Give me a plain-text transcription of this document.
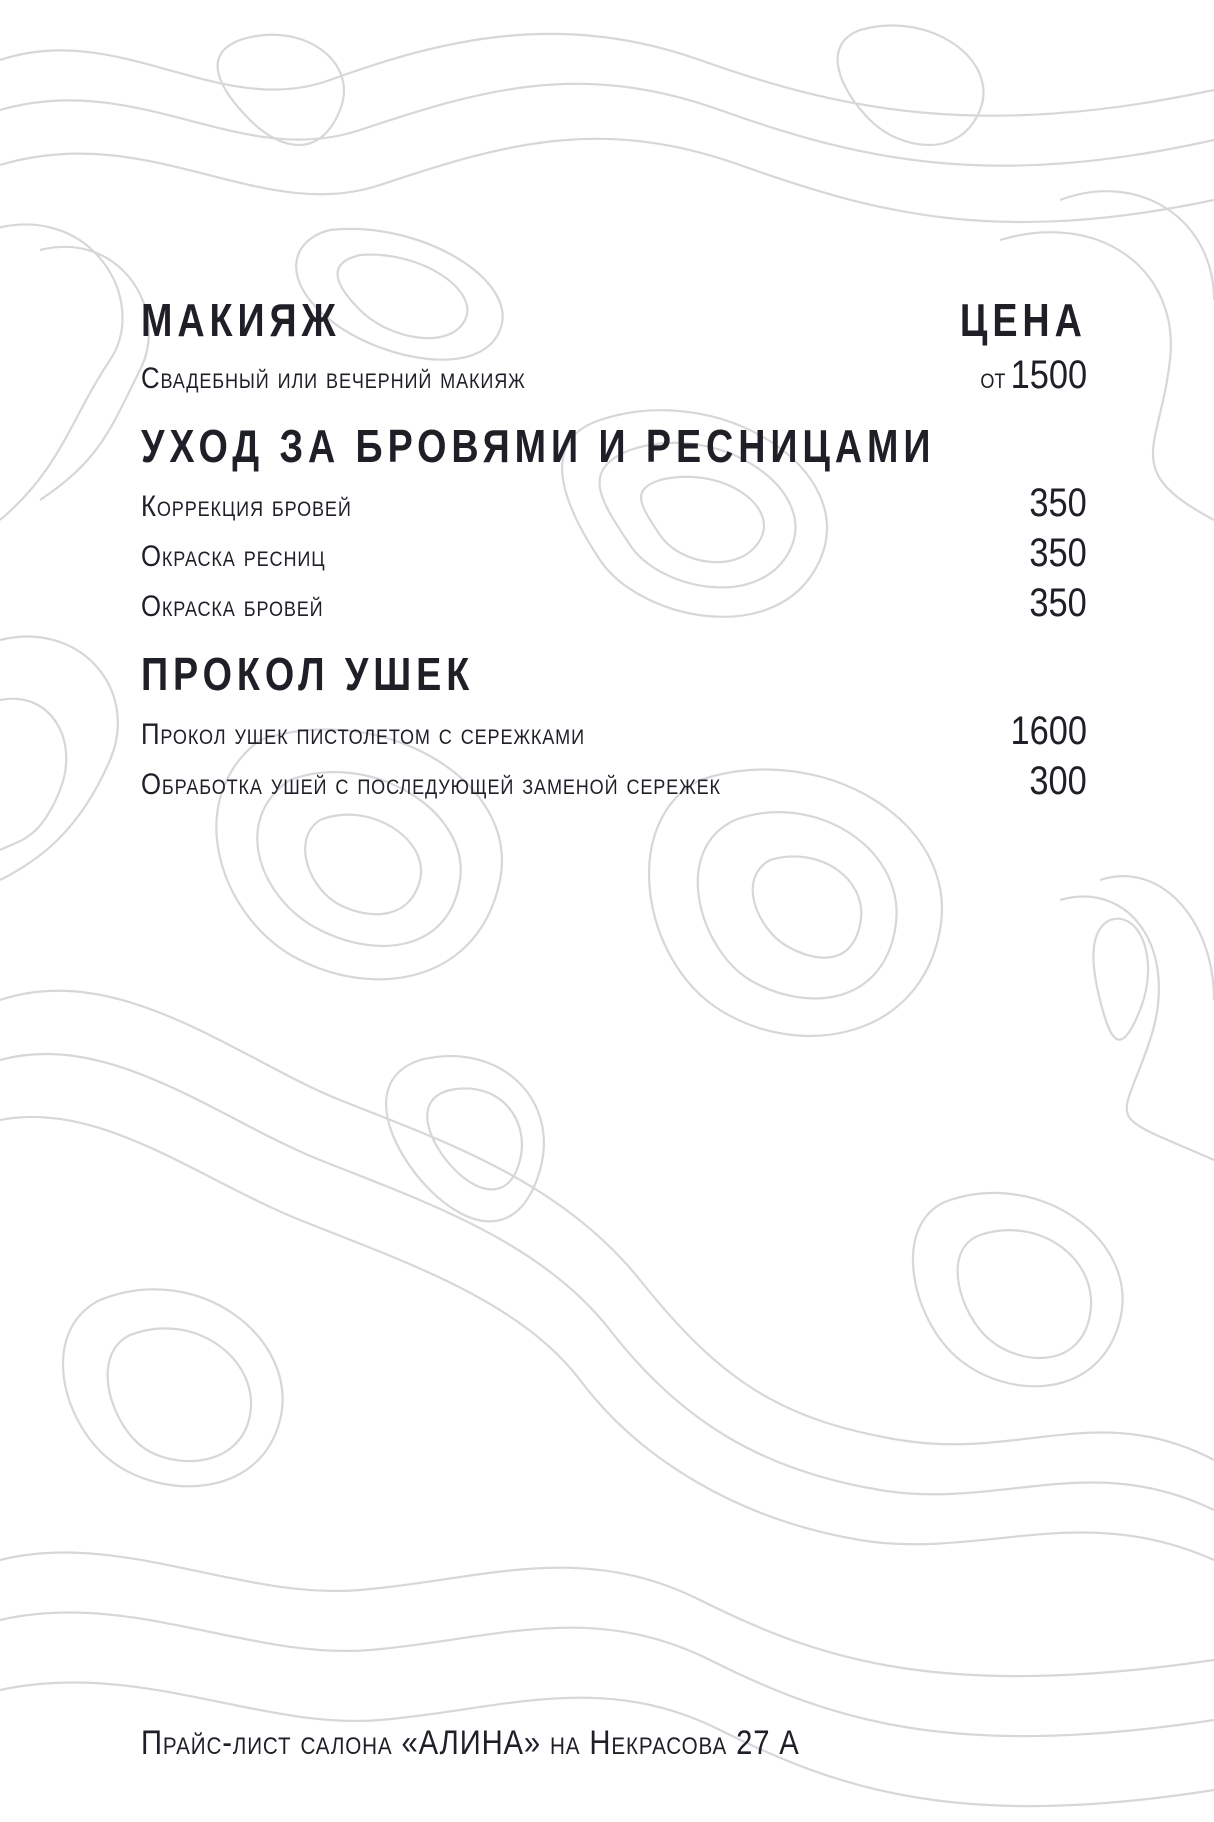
МАКИЯЖ	ЦЕНА
Свадебный или вечерний макияж	от 1500
УХОД ЗА БРОВЯМИ И РЕСНИЦАМИ
Коррекция бровей	350
Окраска ресниц	350
Окраска бровей	350
ПРОКОЛ УШЕК
Прокол ушек пистолетом с сережками	1600
Обработка ушей с последующей заменой сережек	300
Прайс-лист салона «АЛИНА» на Некрасова 27 А
